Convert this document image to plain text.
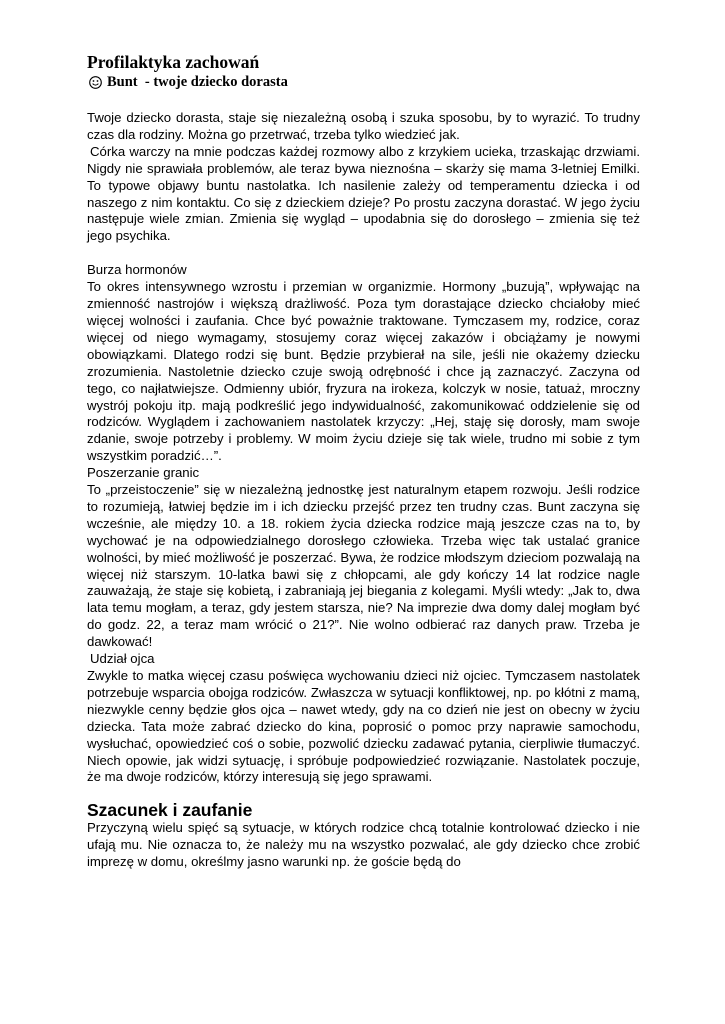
Profilaktyka zachowań
Bunt  - twoje dziecko dorasta

Twoje dziecko dorasta, staje się niezależną osobą i szuka sposobu, by to wyrazić. To trudny czas dla rodziny. Można go przetrwać, trzeba tylko wiedzieć jak.

Córka warczy na mnie podczas każdej rozmowy albo z krzykiem ucieka, trzaskając drzwiami. Nigdy nie sprawiała problemów, ale teraz bywa nieznośna – skarży się mama 3-letniej Emilki. To typowe objawy buntu nastolatka. Ich nasilenie zależy od temperamentu dziecka i od naszego z nim kontaktu. Co się z dzieckiem dzieje? Po prostu zaczyna dorastać. W jego życiu następuje wiele zmian. Zmienia się wygląd – upodabnia się do dorosłego – zmienia się też jego psychika.

Burza hormonów

To okres intensywnego wzrostu i przemian w organizmie. Hormony „buzują”, wpływając na zmienność nastrojów i większą drażliwość. Poza tym dorastające dziecko chciałoby mieć więcej wolności i zaufania. Chce być poważnie traktowane. Tymczasem my, rodzice, coraz więcej od niego wymagamy, stosujemy coraz więcej zakazów i obciążamy je nowymi obowiązkami. Dlatego rodzi się bunt. Będzie przybierał na sile, jeśli nie okażemy dziecku zrozumienia. Nastoletnie dziecko czuje swoją odrębność i chce ją zaznaczyć. Zaczyna od tego, co najłatwiejsze. Odmienny ubiór, fryzura na irokeza, kolczyk w nosie, tatuaż, mroczny wystrój pokoju itp. mają podkreślić jego indywidualność, zakomunikować oddzielenie się od rodziców. Wyglądem i zachowaniem nastolatek krzyczy: „Hej, staję się dorosły, mam swoje zdanie, swoje potrzeby i problemy. W moim życiu dzieje się tak wiele, trudno mi sobie z tym wszystkim poradzić…”.

Poszerzanie granic

To „przeistoczenie” się w niezależną jednostkę jest naturalnym etapem rozwoju. Jeśli rodzice to rozumieją, łatwiej będzie im i ich dziecku przejść przez ten trudny czas. Bunt zaczyna się wcześnie, ale między 10. a 18. rokiem życia dziecka rodzice mają jeszcze czas na to, by wychować je na odpowiedzialnego dorosłego człowieka. Trzeba więc tak ustalać granice wolności, by mieć możliwość je poszerzać. Bywa, że rodzice młodszym dzieciom pozwalają na więcej niż starszym. 10-latka bawi się z chłopcami, ale gdy kończy 14 lat rodzice nagle zauważają, że staje się kobietą, i zabraniają jej biegania z kolegami. Myśli wtedy: „Jak to, dwa lata temu mogłam, a teraz, gdy jestem starsza, nie? Na imprezie dwa domy dalej mogłam być do godz. 22, a teraz mam wrócić o 21?”. Nie wolno odbierać raz danych praw. Trzeba je dawkować!

Udział ojca

Zwykle to matka więcej czasu poświęca wychowaniu dzieci niż ojciec. Tymczasem nastolatek potrzebuje wsparcia obojga rodziców. Zwłaszcza w sytuacji konfliktowej, np. po kłótni z mamą, niezwykle cenny będzie głos ojca – nawet wtedy, gdy na co dzień nie jest on obecny w życiu dziecka. Tata może zabrać dziecko do kina, poprosić o pomoc przy naprawie samochodu, wysłuchać, opowiedzieć coś o sobie, pozwolić dziecku zadawać pytania, cierpliwie tłumaczyć. Niech opowie, jak widzi sytuację, i spróbuje podpowiedzieć rozwiązanie. Nastolatek poczuje, że ma dwoje rodziców, którzy interesują się jego sprawami.

Szacunek i zaufanie

Przyczyną wielu spięć są sytuacje, w których rodzice chcą totalnie kontrolować dziecko i nie ufają mu. Nie oznacza to, że należy mu na wszystko pozwalać, ale gdy dziecko chce zrobić imprezę w domu, określmy jasno warunki np. że goście będą do
